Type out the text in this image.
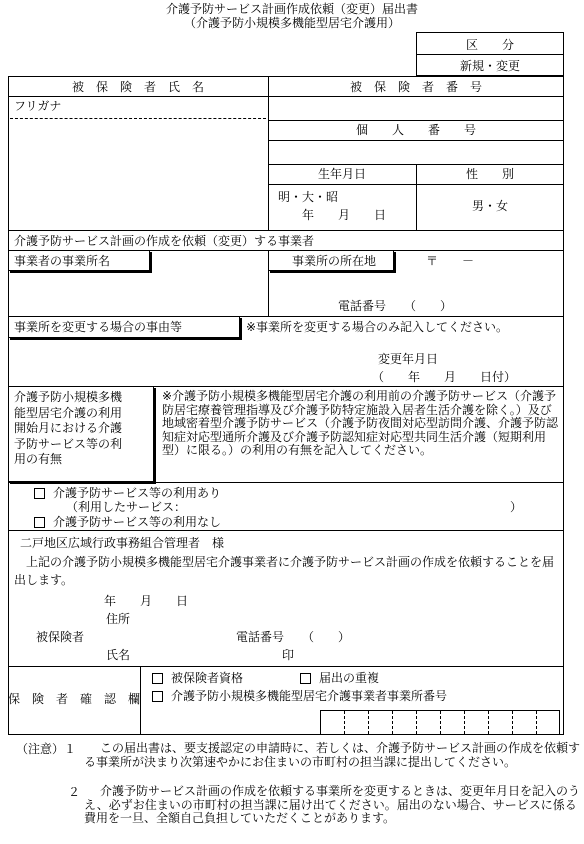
介護予防サービス計画作成依頼（変更）届出書
（介護予防小規模多機能型居宅介護用）
区　　分
新規・変更
被　保　険　者　氏　名	被　保　険　者　番　号
フリガナ
個　　人　　番　　号
生年月日	性　　別
明・大・昭
年　　月　　日
男・女
介護予防サービス計画の作成を依頼（変更）する事業者
事業者の事業所名	事業所の所在地	〒　　－
電話番号　　（　　）
事業所を変更する場合の事由等	※事業所を変更する場合のみ記入してください。
変更年月日
（　　年　　月　　日付）
介護予防小規模多機
能型居宅介護の利用
開始月における介護
予防サービス等の利
用の有無
※介護予防小規模多機能型居宅介護の利用前の介護予防サービス（介護予防居宅療養管理指導及び介護予防特定施設入居者生活介護を除く。）及び地域密着型介護予防サービス（介護予防夜間対応型訪問介護、介護予防認知症対応型通所介護及び介護予防認知症対応型共同生活介護（短期利用型）に限る。）の利用の有無を記入してください。
介護予防サービス等の利用あり
（利用したサービス：	）
介護予防サービス等の利用なし
二戸地区広域行政事務組合管理者　様
上記の介護予防小規模多機能型居宅介護事業者に介護予防サービス計画の作成を依頼することを届出します。
年　　月　　日
住所
被保険者	電話番号　　（　　）
氏名	印
保　険　者　確　認　欄
被保険者資格	届出の重複
介護予防小規模多機能型居宅介護事業者事業所番号
（注意）１	この届出書は、要支援認定の申請時に、若しくは、介護予防サービス計画の作成を依頼する事業所が決まり次第速やかにお住まいの市町村の担当課に提出してください。
２	介護予防サービス計画の作成を依頼する事業所を変更するときは、変更年月日を記入のうえ、必ずお住まいの市町村の担当課に届け出てください。届出のない場合、サービスに係る費用を一旦、全額自己負担していただくことがあります。
